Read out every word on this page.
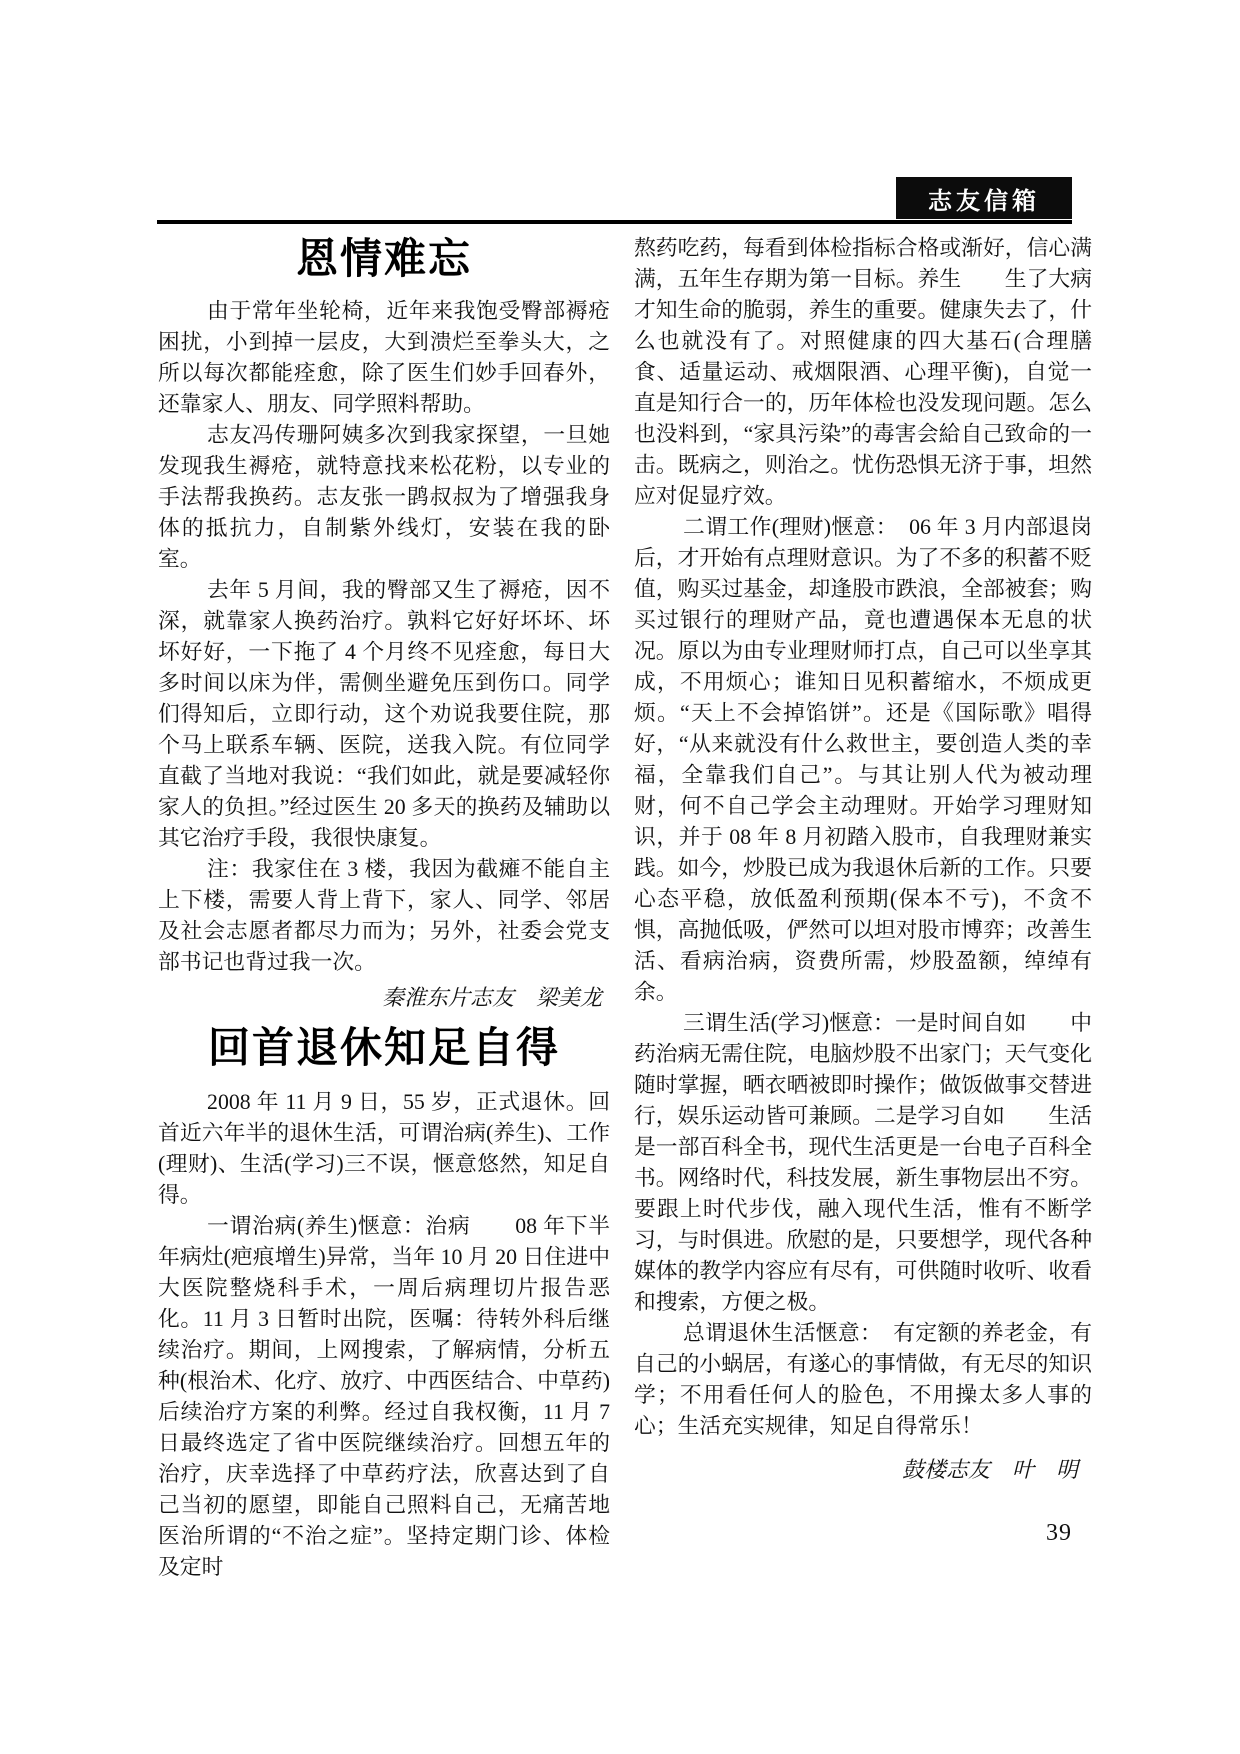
志友信箱
恩情难忘

由于常年坐轮椅，近年来我饱受臀部褥疮困扰，小到掉一层皮，大到溃烂至拳头大，之所以每次都能痊愈，除了医生们妙手回春外，还靠家人、朋友、同学照料帮助。

志友冯传珊阿姨多次到我家探望，一旦她发现我生褥疮，就特意找来松花粉，以专业的手法帮我换药。志友张一鹍叔叔为了增强我身体的抵抗力，自制紫外线灯，安装在我的卧室。

去年 5 月间，我的臀部又生了褥疮，因不深，就靠家人换药治疗。孰料它好好坏坏、坏坏好好，一下拖了 4 个月终不见痊愈，每日大多时间以床为伴，需侧坐避免压到伤口。同学们得知后，立即行动，这个劝说我要住院，那个马上联系车辆、医院，送我入院。有位同学直截了当地对我说：“我们如此，就是要减轻你家人的负担。”经过医生 20 多天的换药及辅助以其它治疗手段，我很快康复。

注：我家住在 3 楼，我因为截瘫不能自主上下楼，需要人背上背下，家人、同学、邻居及社会志愿者都尽力而为；另外，社委会党支部书记也背过我一次。

秦淮东片志友　梁美龙
回首退休知足自得

2008 年 11 月 9 日，55 岁，正式退休。回首近六年半的退休生活，可谓治病(养生)、工作(理财)、生活(学习)三不误，惬意悠然，知足自得。

一谓治病(养生)惬意：治病　　08 年下半年病灶(疤痕增生)异常，当年 10 月 20 日住进中大医院整烧科手术，一周后病理切片报告恶化。11 月 3 日暂时出院，医嘱：待转外科后继续治疗。期间，上网搜索，了解病情，分析五种(根治术、化疗、放疗、中西医结合、中草药)后续治疗方案的利弊。经过自我权衡，11 月 7 日最终选定了省中医院继续治疗。回想五年的治疗，庆幸选择了中草药疗法，欣喜达到了自己当初的愿望，即能自己照料自己，无痛苦地医治所谓的“不治之症”。坚持定期门诊、体检及定时

熬药吃药，每看到体检指标合格或渐好，信心满满，五年生存期为第一目标。养生　　生了大病才知生命的脆弱，养生的重要。健康失去了，什么也就没有了。对照健康的四大基石(合理膳食、适量运动、戒烟限酒、心理平衡)，自觉一直是知行合一的，历年体检也没发现问题。怎么也没料到，“家具污染”的毒害会給自己致命的一击。既病之，则治之。忧伤恐惧无济于事，坦然应对促显疗效。

二谓工作(理财)惬意：　06 年 3 月内部退岗后，才开始有点理财意识。为了不多的积蓄不贬值，购买过基金，却逢股市跌浪，全部被套；购买过银行的理财产品，竟也遭遇保本无息的状况。原以为由专业理财师打点，自己可以坐享其成，不用烦心；谁知日见积蓄缩水，不烦成更烦。“天上不会掉馅饼”。还是《国际歌》唱得好，“从来就没有什么救世主，要创造人类的幸福，全靠我们自己”。与其让别人代为被动理财，何不自己学会主动理财。开始学习理财知识，并于 08 年 8 月初踏入股市，自我理财兼实践。如今，炒股已成为我退休后新的工作。只要心态平稳，放低盈利预期(保本不亏)，不贪不惧，高抛低吸，俨然可以坦对股市博弈；改善生活、看病治病，资费所需，炒股盈额，绰绰有余。

三谓生活(学习)惬意：一是时间自如　　中药治病无需住院，电脑炒股不出家门；天气变化随时掌握，晒衣晒被即时操作；做饭做事交替进行，娱乐运动皆可兼顾。二是学习自如　　生活是一部百科全书，现代生活更是一台电子百科全书。网络时代，科技发展，新生事物层出不穷。要跟上时代步伐，融入现代生活，惟有不断学习，与时俱进。欣慰的是，只要想学，现代各种媒体的教学内容应有尽有，可供随时收听、收看和搜索，方便之极。

总谓退休生活惬意：　有定额的养老金，有自己的小蜗居，有遂心的事情做，有无尽的知识学；不用看任何人的脸色，不用操太多人事的心；生活充实规律，知足自得常乐！

鼓楼志友　叶　明
39
